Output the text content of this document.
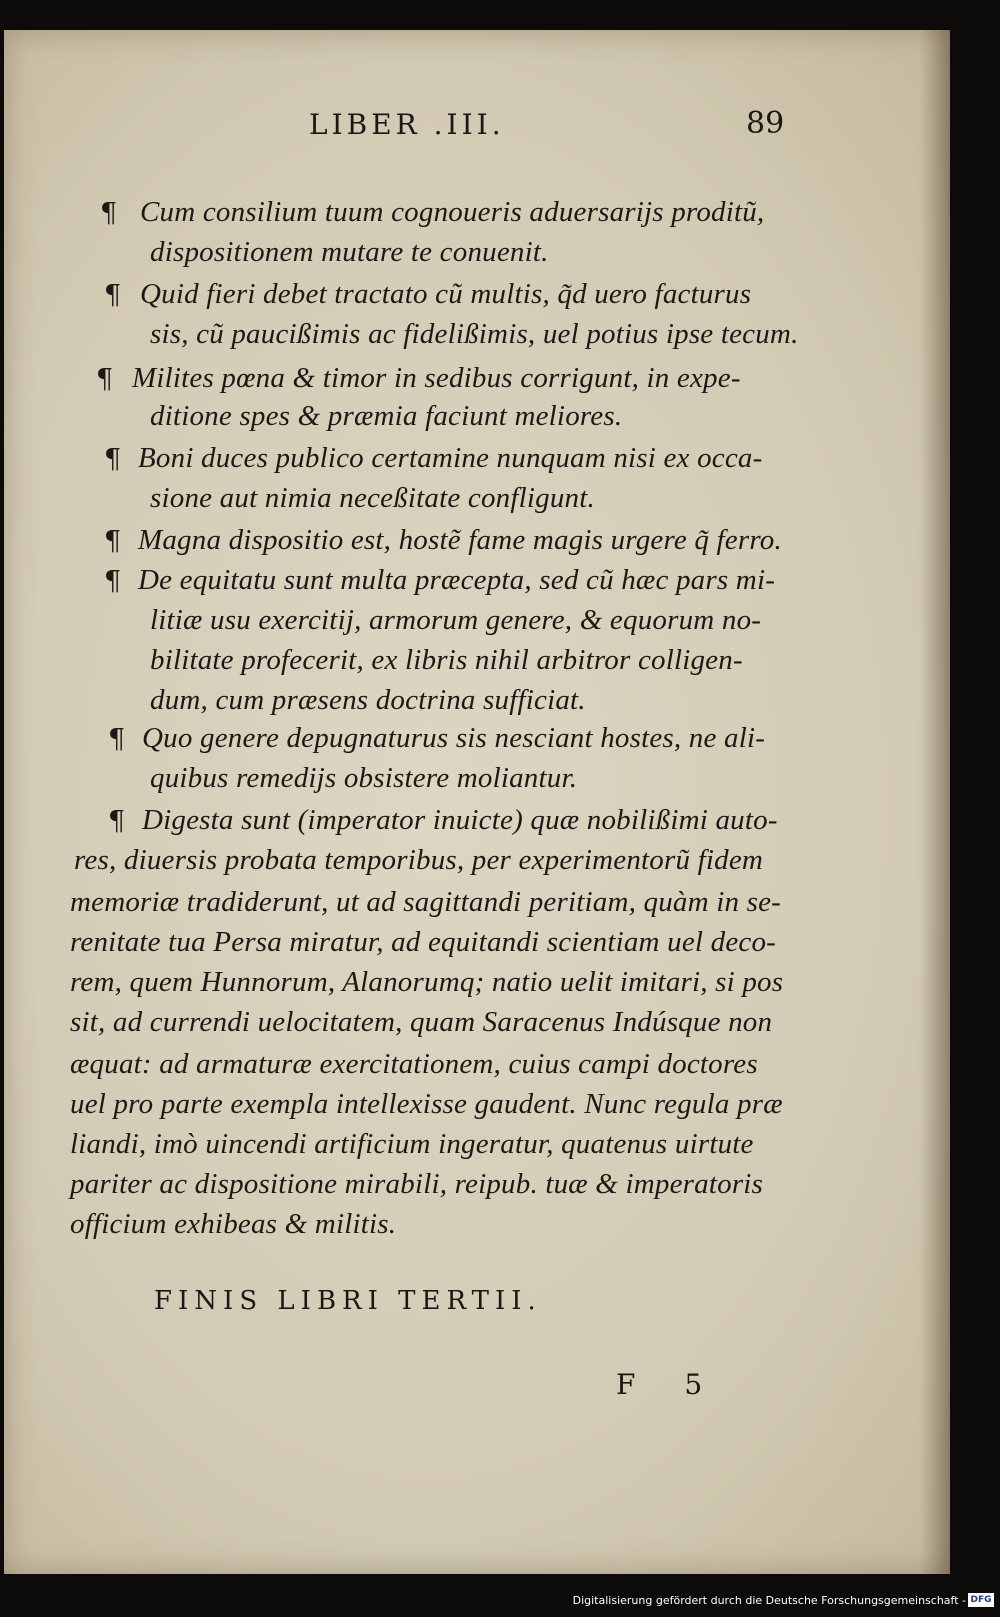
LIBER .III.	89
¶ Cum consilium tuum cognoueris aduersarijs proditũ,
dispositionem mutare te conuenit.
¶ Quid fieri debet tractato cũ multis, q̃d uero facturus
sis, cũ paucißimis ac fidelißimis, uel potius ipse tecum.
¶ Milites pœna & timor in sedibus corrigunt, in expe-
ditione spes & præmia faciunt meliores.
¶ Boni duces publico certamine nunquam nisi ex occa-
sione aut nimia neceßitate confligunt.
¶ Magna dispositio est, hostẽ fame magis urgere q̃ ferro.
¶ De equitatu sunt multa præcepta, sed cũ hæc pars mi-
litiæ usu exercitij, armorum genere, & equorum no-
bilitate profecerit, ex libris nihil arbitror colligen-
dum, cum præsens doctrina sufficiat.
¶ Quo genere depugnaturus sis nesciant hostes, ne ali-
quibus remedijs obsistere moliantur.
¶ Digesta sunt (imperator inuicte) quæ nobilißimi auto-
res, diuersis probata temporibus, per experimentorũ fidem
memoriæ tradiderunt, ut ad sagittandi peritiam, quàm in se-
renitate tua Persa miratur, ad equitandi scientiam uel deco-
rem, quem Hunnorum, Alanorumq; natio uelit imitari, si pos
sit, ad currendi uelocitatem, quam Saracenus Indúsque non
æquat: ad armaturæ exercitationem, cuius campi doctores
uel pro parte exempla intellexisse gaudent. Nunc regula præ
liandi, imò uincendi artificium ingeratur, quatenus uirtute
pariter ac dispositione mirabili, reipub. tuæ & imperatoris
officium exhibeas & militis.
FINIS LIBRI TERTII.
F 5
Digitalisierung gefördert durch die Deutsche Forschungsgemeinschaft - DFG
